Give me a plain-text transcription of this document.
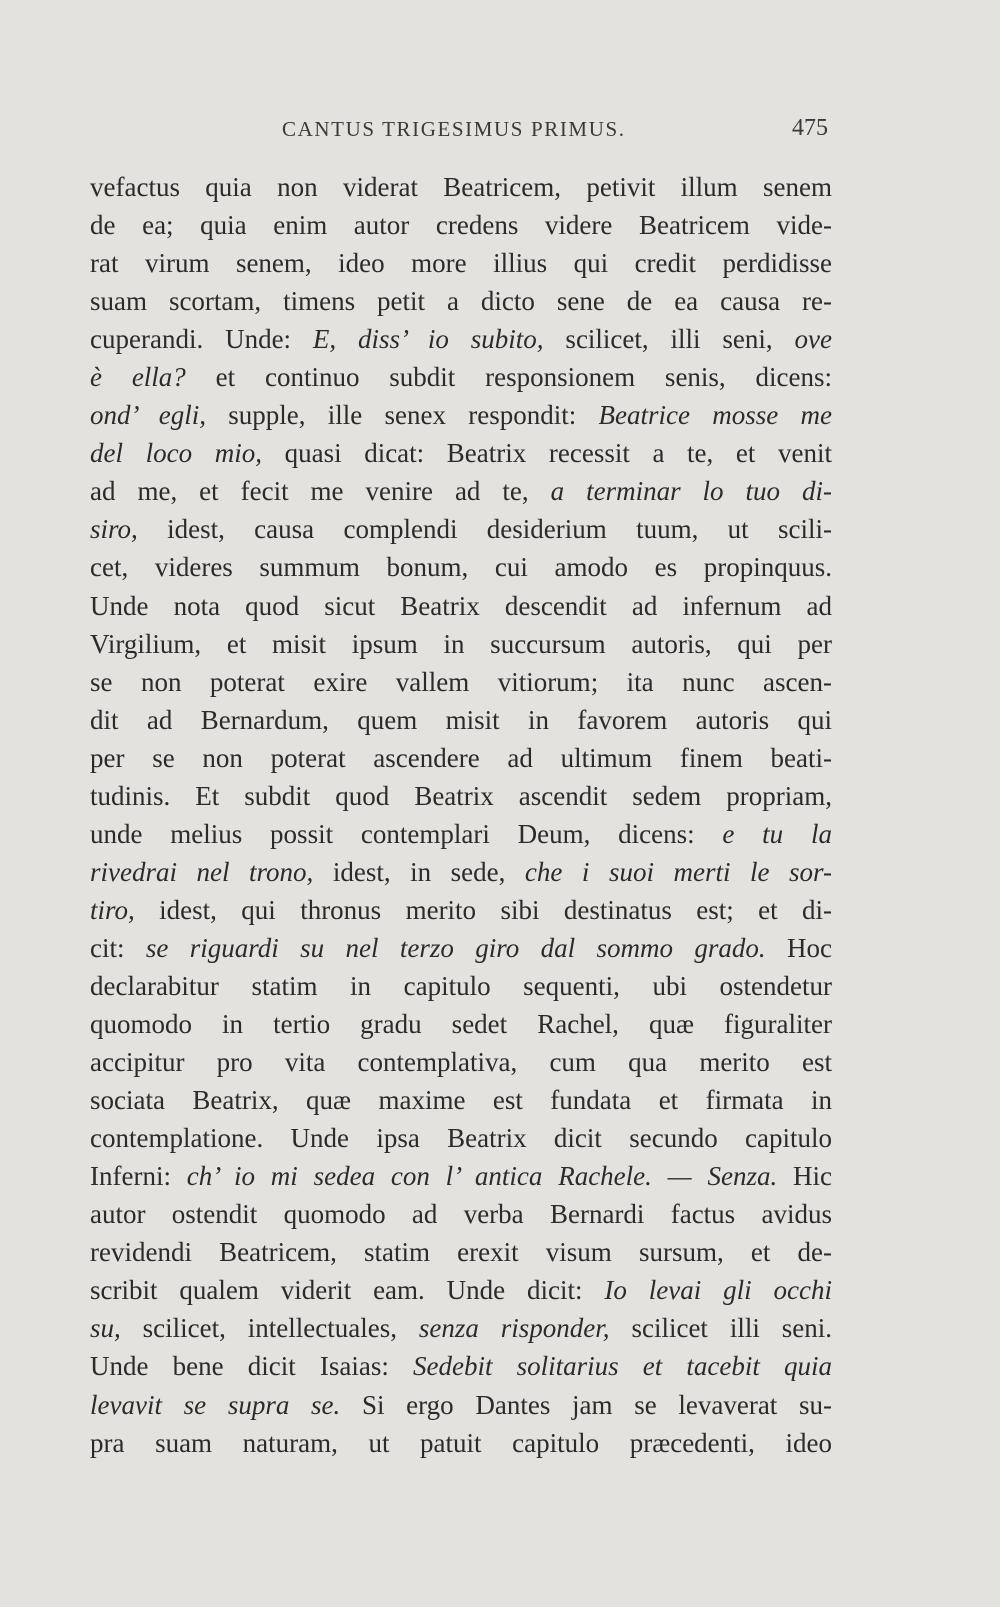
CANTUS TRIGESIMUS PRIMUS.	475
vefactus quia non viderat Beatricem, petivit illum senem
de ea; quia enim autor credens videre Beatricem vide-
rat virum senem, ideo more illius qui credit perdidisse
suam scortam, timens petit a dicto sene de ea causa re-
cuperandi. Unde: E, diss’ io subito, scilicet, illi seni, ove
è ella? et continuo subdit responsionem senis, dicens:
ond’ egli, supple, ille senex respondit: Beatrice mosse me
del loco mio, quasi dicat: Beatrix recessit a te, et venit
ad me, et fecit me venire ad te, a terminar lo tuo di-
siro, idest, causa complendi desiderium tuum, ut scili-
cet, videres summum bonum, cui amodo es propinquus.
Unde nota quod sicut Beatrix descendit ad infernum ad
Virgilium, et misit ipsum in succursum autoris, qui per
se non poterat exire vallem vitiorum; ita nunc ascen-
dit ad Bernardum, quem misit in favorem autoris qui
per se non poterat ascendere ad ultimum finem beati-
tudinis. Et subdit quod Beatrix ascendit sedem propriam,
unde melius possit contemplari Deum, dicens: e tu la
rivedrai nel trono, idest, in sede, che i suoi merti le sor-
tiro, idest, qui thronus merito sibi destinatus est; et di-
cit: se riguardi su nel terzo giro dal sommo grado. Hoc
declarabitur statim in capitulo sequenti, ubi ostendetur
quomodo in tertio gradu sedet Rachel, quæ figuraliter
accipitur pro vita contemplativa, cum qua merito est
sociata Beatrix, quæ maxime est fundata et firmata in
contemplatione. Unde ipsa Beatrix dicit secundo capitulo
Inferni: ch’ io mi sedea con l’ antica Rachele. — Senza. Hic
autor ostendit quomodo ad verba Bernardi factus avidus
revidendi Beatricem, statim erexit visum sursum, et de-
scribit qualem viderit eam. Unde dicit: Io levai gli occhi
su, scilicet, intellectuales, senza risponder, scilicet illi seni.
Unde bene dicit Isaias: Sedebit solitarius et tacebit quia
levavit se supra se. Si ergo Dantes jam se levaverat su-
pra suam naturam, ut patuit capitulo præcedenti, ideo
